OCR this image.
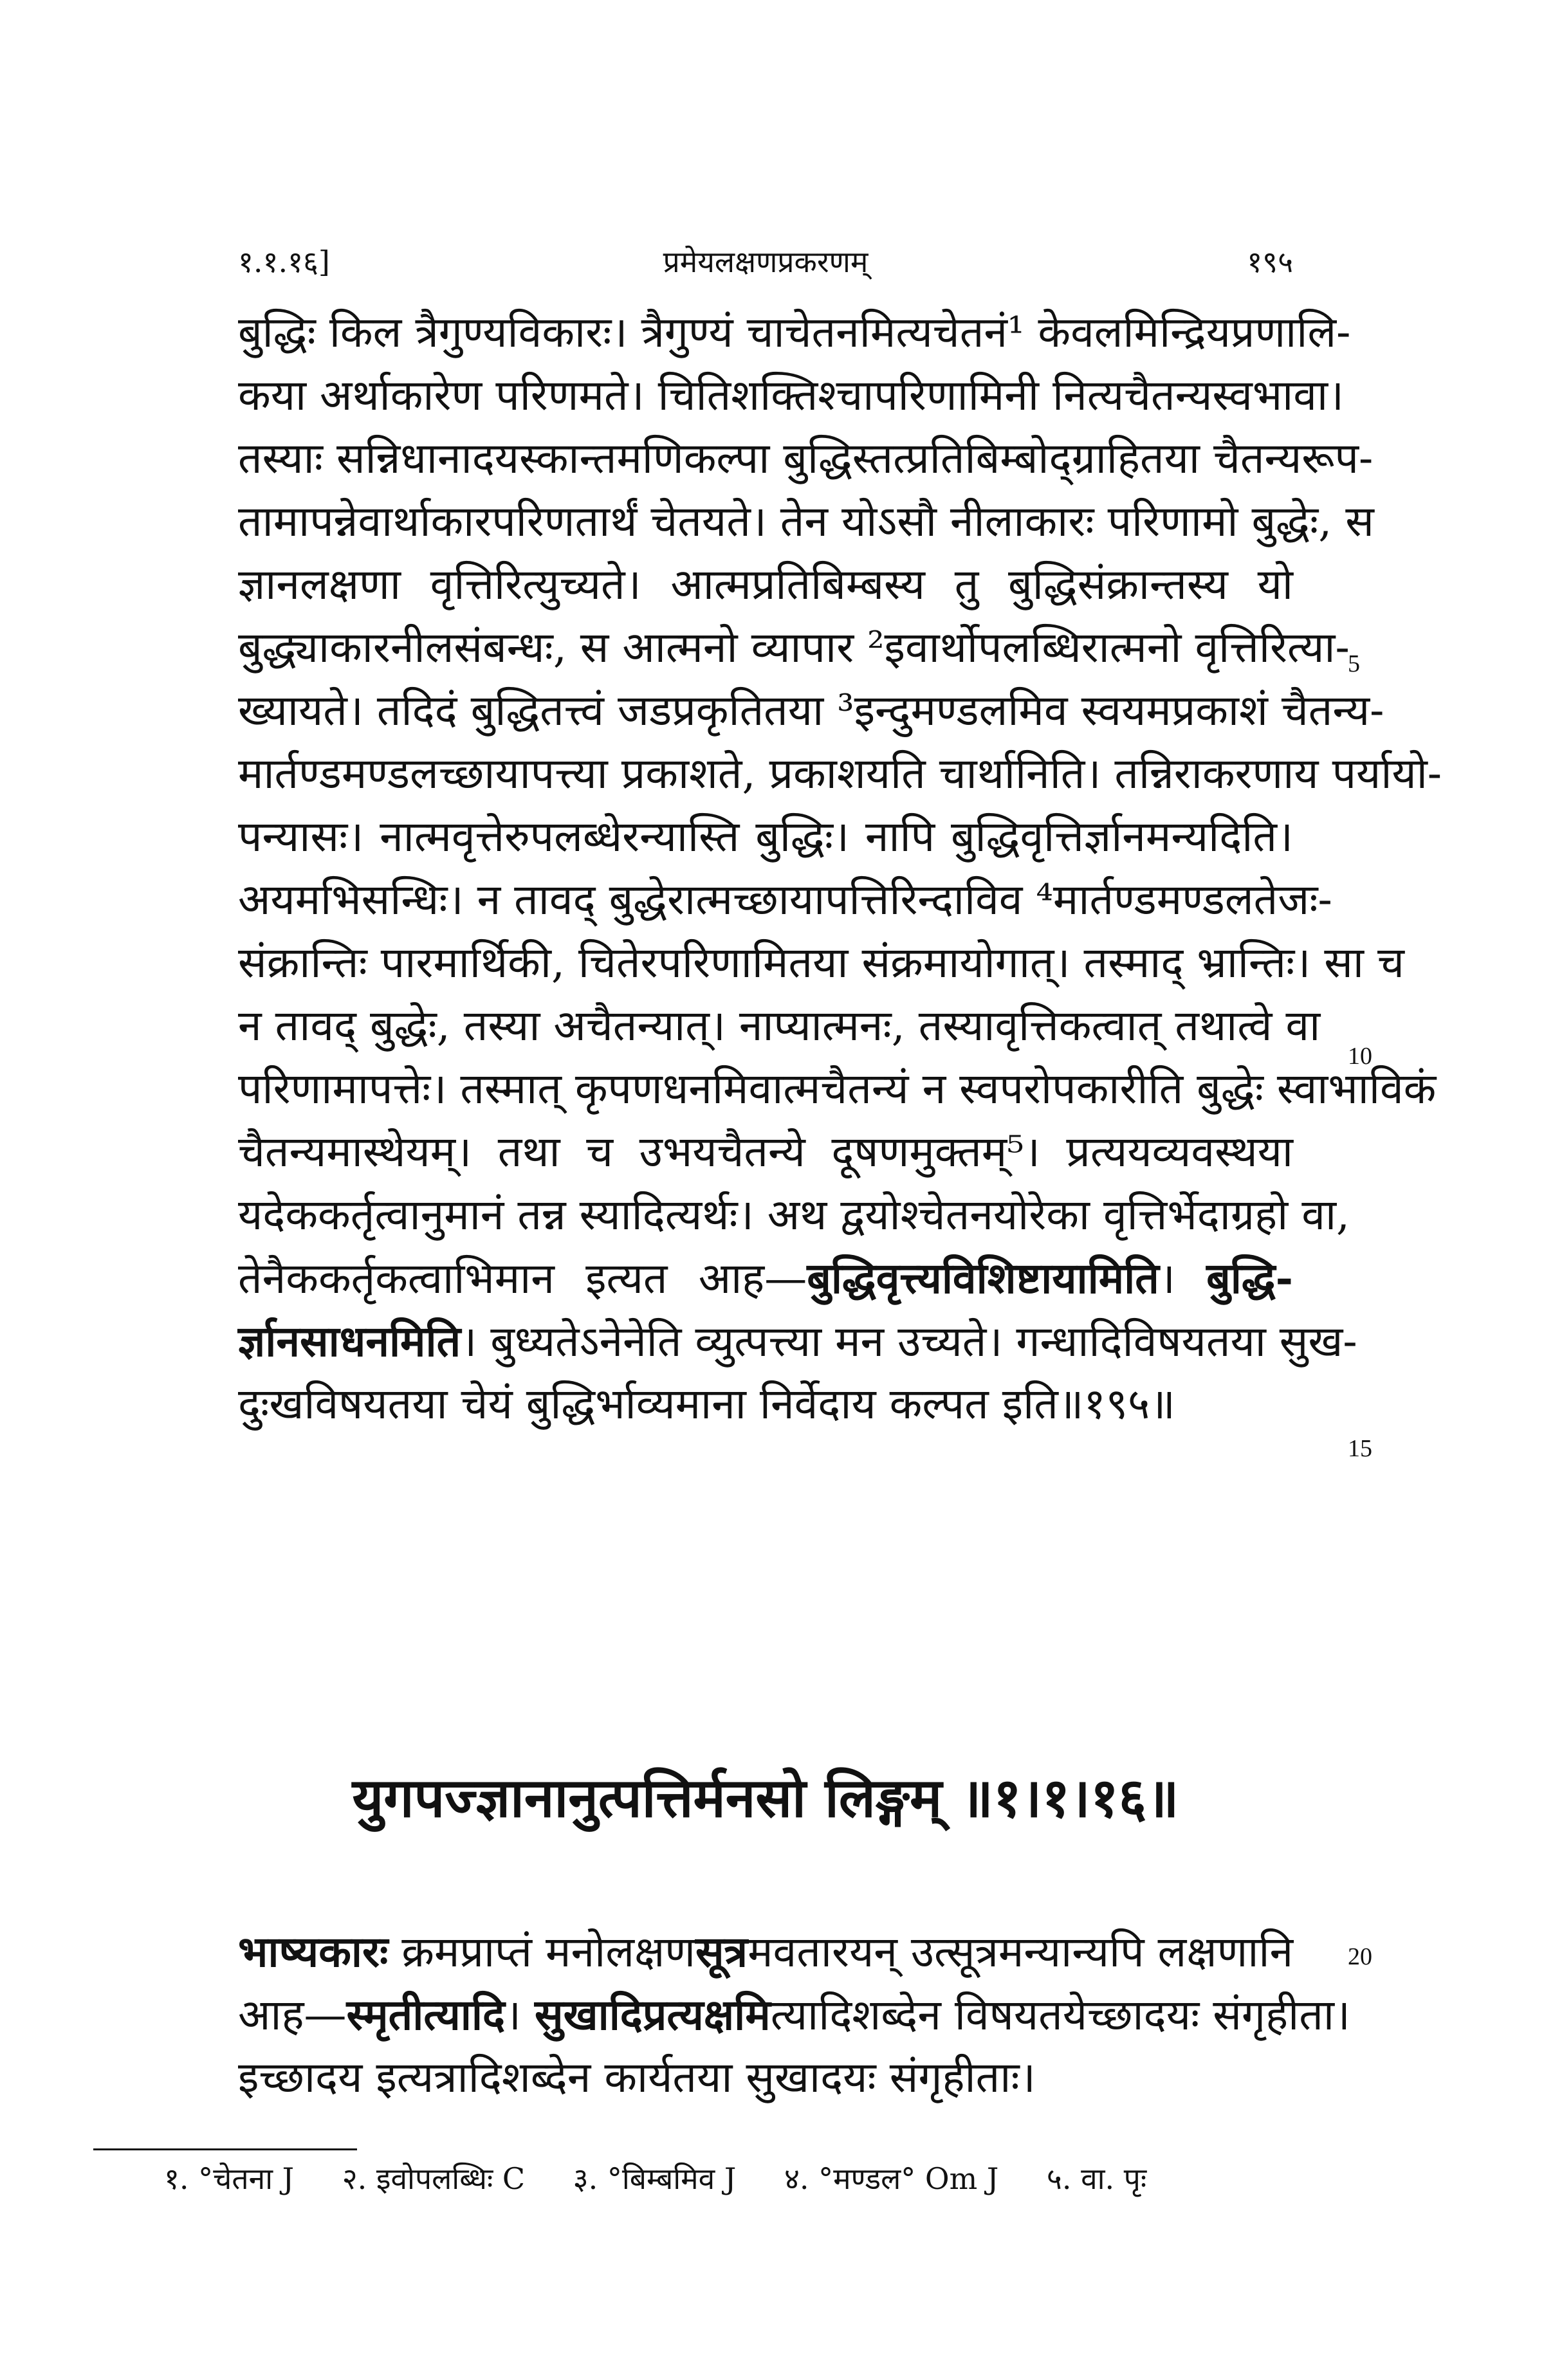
१.१.१६]	प्रमेयलक्षणप्रकरणम्	१९५
बुद्धिः किल त्रैगुण्यविकारः। त्रैगुण्यं चाचेतनमित्यचेतनं¹ केवलमिन्द्रियप्रणालि-
कया अर्थाकारेण परिणमते। चितिशक्तिश्चापरिणामिनी नित्यचैतन्यस्वभावा।
तस्याः सन्निधानादयस्कान्तमणिकल्पा बुद्धिस्तत्प्रतिबिम्बोद्ग्राहितया चैतन्यरूप-
तामापन्नेवार्थाकारपरिणतार्थं चेतयते। तेन योऽसौ नीलाकारः परिणामो बुद्धेः, स
ज्ञानलक्षणा वृत्तिरित्युच्यते। आत्मप्रतिबिम्बस्य तु बुद्धिसंक्रान्तस्य यो
बुद्ध्याकारनीलसंबन्धः, स आत्मनो व्यापार ²इवार्थोपलब्धिरात्मनो वृत्तिरित्या-
ख्यायते। तदिदं बुद्धितत्त्वं जडप्रकृतितया ³इन्दुमण्डलमिव स्वयमप्रकाशं चैतन्य-
मार्तण्डमण्डलच्छायापत्त्या प्रकाशते, प्रकाशयति चार्थानिति। तन्निराकरणाय पर्यायो-
पन्यासः। नात्मवृत्तेरुपलब्धेरन्यास्ति बुद्धिः। नापि बुद्धिवृत्तिर्ज्ञानमन्यदिति।
अयमभिसन्धिः। न तावद् बुद्धेरात्मच्छायापत्तिरिन्दाविव ⁴मार्तण्डमण्डलतेजः-
संक्रान्तिः पारमार्थिकी, चितेरपरिणामितया संक्रमायोगात्। तस्माद् भ्रान्तिः। सा च
न तावद् बुद्धेः, तस्या अचैतन्यात्। नाप्यात्मनः, तस्यावृत्तिकत्वात् तथात्वे वा
परिणामापत्तेः। तस्मात् कृपणधनमिवात्मचैतन्यं न स्वपरोपकारीति बुद्धेः स्वाभाविकं
चैतन्यमास्थेयम्। तथा च उभयचैतन्ये दूषणमुक्तम्⁵। प्रत्ययव्यवस्थया
यदेककर्तृत्वानुमानं तन्न स्यादित्यर्थः। अथ द्वयोश्चेतनयोरेका वृत्तिर्भेदाग्रहो वा,
तेनैककर्तृकत्वाभिमान इत्यत आह—बुद्धिवृत्त्यविशिष्टायामिति। बुद्धि-
र्ज्ञानसाधनमिति। बुध्यतेऽनेनेति व्युत्पत्त्या मन उच्यते। गन्धादिविषयतया सुख-
दुःखविषयतया चेयं बुद्धिर्भाव्यमाना निर्वेदाय कल्पत इति॥१९५॥
युगपज्ज्ञानानुत्पत्तिर्मनसो लिङ्गम् ॥१।१।१६॥
भाष्यकारः क्रमप्राप्तं मनोलक्षणसूत्रमवतारयन् उत्सूत्रमन्यान्यपि लक्षणानि
आह—स्मृतीत्यादि। सुखादिप्रत्यक्षमित्यादिशब्देन विषयतयेच्छादयः संगृहीता।
इच्छादय इत्यत्रादिशब्देन कार्यतया सुखादयः संगृहीताः।
5
10
15
20
१. °चेतना J २. इवोपलब्धिः C ३. °बिम्बमिव J ४. °मण्डल° Om J ५. वा. पृः
